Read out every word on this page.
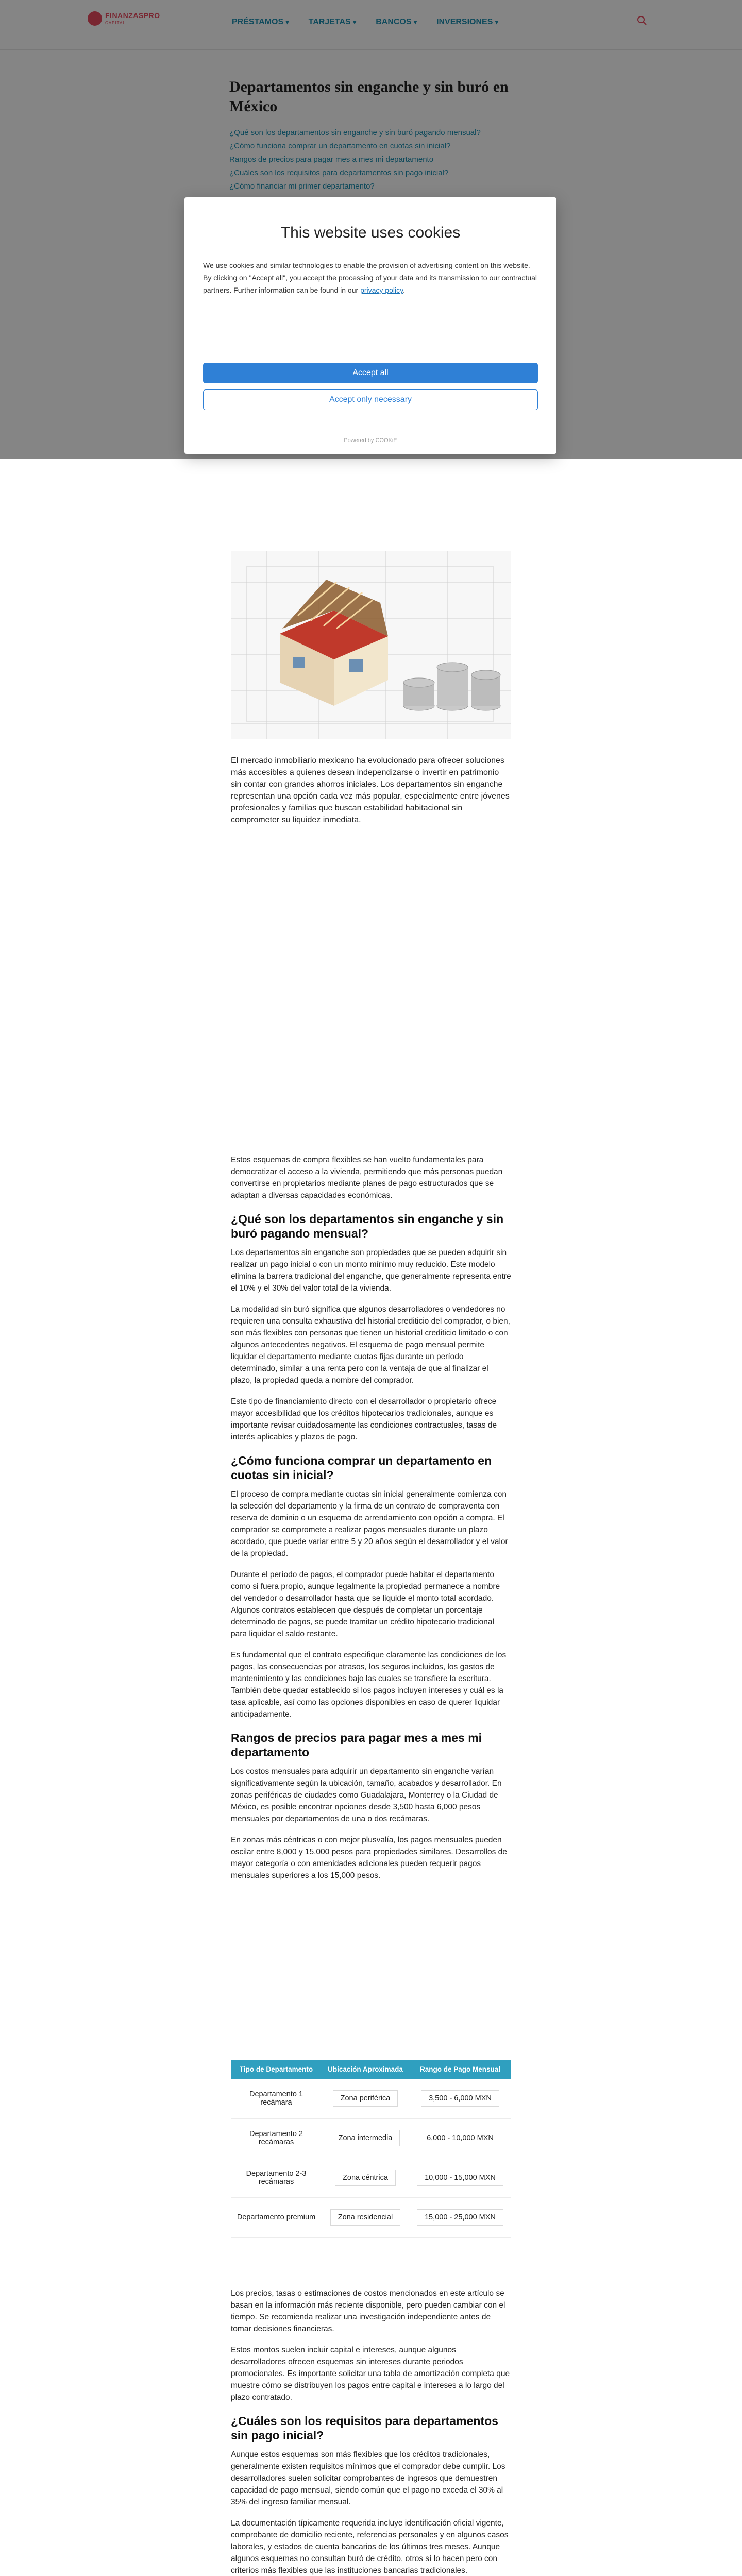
FINANZASPRO
CAPITAL	PRÉSTAMOS ▾ TARJETAS ▾ BANCOS ▾ INVERSIONES ▾
Departamentos sin enganche y sin buró en México
¿Qué son los departamentos sin enganche y sin buró pagando mensual?
¿Cómo funciona comprar un departamento en cuotas sin inicial?
Rangos de precios para pagar mes a mes mi departamento
¿Cuáles son los requisitos para departamentos sin pago inicial?
¿Cómo financiar mi primer departamento?

El mercado inmobiliario mexicano ha evolucionado para ofrecer soluciones más accesibles a quienes desean independizarse o invertir en patrimonio sin contar con grandes ahorros iniciales. Los departamentos sin enganche representan una opción cada vez más popular, especialmente entre jóvenes profesionales y familias que buscan estabilidad habitacional sin comprometer su liquidez inmediata.

Estos esquemas de compra flexibles se han vuelto fundamentales para democratizar el acceso a la vivienda, permitiendo que más personas puedan convertirse en propietarios mediante planes de pago estructurados que se adaptan a diversas capacidades económicas.

¿Qué son los departamentos sin enganche y sin buró pagando mensual?

Los departamentos sin enganche son propiedades que se pueden adquirir sin realizar un pago inicial o con un monto mínimo muy reducido. Este modelo elimina la barrera tradicional del enganche, que generalmente representa entre el 10% y el 30% del valor total de la vivienda.

La modalidad sin buró significa que algunos desarrolladores o vendedores no requieren una consulta exhaustiva del historial crediticio del comprador, o bien, son más flexibles con personas que tienen un historial crediticio limitado o con algunos antecedentes negativos. El esquema de pago mensual permite liquidar el departamento mediante cuotas fijas durante un período determinado, similar a una renta pero con la ventaja de que al finalizar el plazo, la propiedad queda a nombre del comprador.

Este tipo de financiamiento directo con el desarrollador o propietario ofrece mayor accesibilidad que los créditos hipotecarios tradicionales, aunque es importante revisar cuidadosamente las condiciones contractuales, tasas de interés aplicables y plazos de pago.

¿Cómo funciona comprar un departamento en cuotas sin inicial?

El proceso de compra mediante cuotas sin inicial generalmente comienza con la selección del departamento y la firma de un contrato de compraventa con reserva de dominio o un esquema de arrendamiento con opción a compra. El comprador se compromete a realizar pagos mensuales durante un plazo acordado, que puede variar entre 5 y 20 años según el desarrollador y el valor de la propiedad.

Durante el período de pagos, el comprador puede habitar el departamento como si fuera propio, aunque legalmente la propiedad permanece a nombre del vendedor o desarrollador hasta que se liquide el monto total acordado. Algunos contratos establecen que después de completar un porcentaje determinado de pagos, se puede tramitar un crédito hipotecario tradicional para liquidar el saldo restante.

Es fundamental que el contrato especifique claramente las condiciones de los pagos, las consecuencias por atrasos, los seguros incluidos, los gastos de mantenimiento y las condiciones bajo las cuales se transfiere la escritura. También debe quedar establecido si los pagos incluyen intereses y cuál es la tasa aplicable, así como las opciones disponibles en caso de querer liquidar anticipadamente.

Rangos de precios para pagar mes a mes mi departamento

Los costos mensuales para adquirir un departamento sin enganche varían significativamente según la ubicación, tamaño, acabados y desarrollador. En zonas periféricas de ciudades como Guadalajara, Monterrey o la Ciudad de México, es posible encontrar opciones desde 3,500 hasta 6,000 pesos mensuales por departamentos de una o dos recámaras.

En zonas más céntricas o con mejor plusvalía, los pagos mensuales pueden oscilar entre 8,000 y 15,000 pesos para propiedades similares. Desarrollos de mayor categoría o con amenidades adicionales pueden requerir pagos mensuales superiores a los 15,000 pesos.

Tipo de Departamento	Ubicación Aproximada	Rango de Pago Mensual
Departamento 1 recámara	Zona periférica	3,500 - 6,000 MXN
Departamento 2 recámaras	Zona intermedia	6,000 - 10,000 MXN
Departamento 2-3 recámaras	Zona céntrica	10,000 - 15,000 MXN
Departamento premium	Zona residencial	15,000 - 25,000 MXN

Los precios, tasas o estimaciones de costos mencionados en este artículo se basan en la información más reciente disponible, pero pueden cambiar con el tiempo. Se recomienda realizar una investigación independiente antes de tomar decisiones financieras.

Estos montos suelen incluir capital e intereses, aunque algunos desarrolladores ofrecen esquemas sin intereses durante periodos promocionales. Es importante solicitar una tabla de amortización completa que muestre cómo se distribuyen los pagos entre capital e intereses a lo largo del plazo contratado.

¿Cuáles son los requisitos para departamentos sin pago inicial?

Aunque estos esquemas son más flexibles que los créditos tradicionales, generalmente existen requisitos mínimos que el comprador debe cumplir. Los desarrolladores suelen solicitar comprobantes de ingresos que demuestren capacidad de pago mensual, siendo común que el pago no exceda el 30% al 35% del ingreso familiar mensual.

La documentación típicamente requerida incluye identificación oficial vigente, comprobante de domicilio reciente, referencias personales y en algunos casos laborales, y estados de cuenta bancarios de los últimos tres meses. Aunque algunos esquemas no consultan buró de crédito, otros sí lo hacen pero con criterios más flexibles que las instituciones bancarias tradicionales.

This website uses cookies

We use cookies and similar technologies to enable the provision of advertising content on this website. By clicking on "Accept all", you accept the processing of your data and its transmission to our contractual partners. Further information can be found in our privacy policy.

Accept all
Accept only necessary
Powered by COOKiE
